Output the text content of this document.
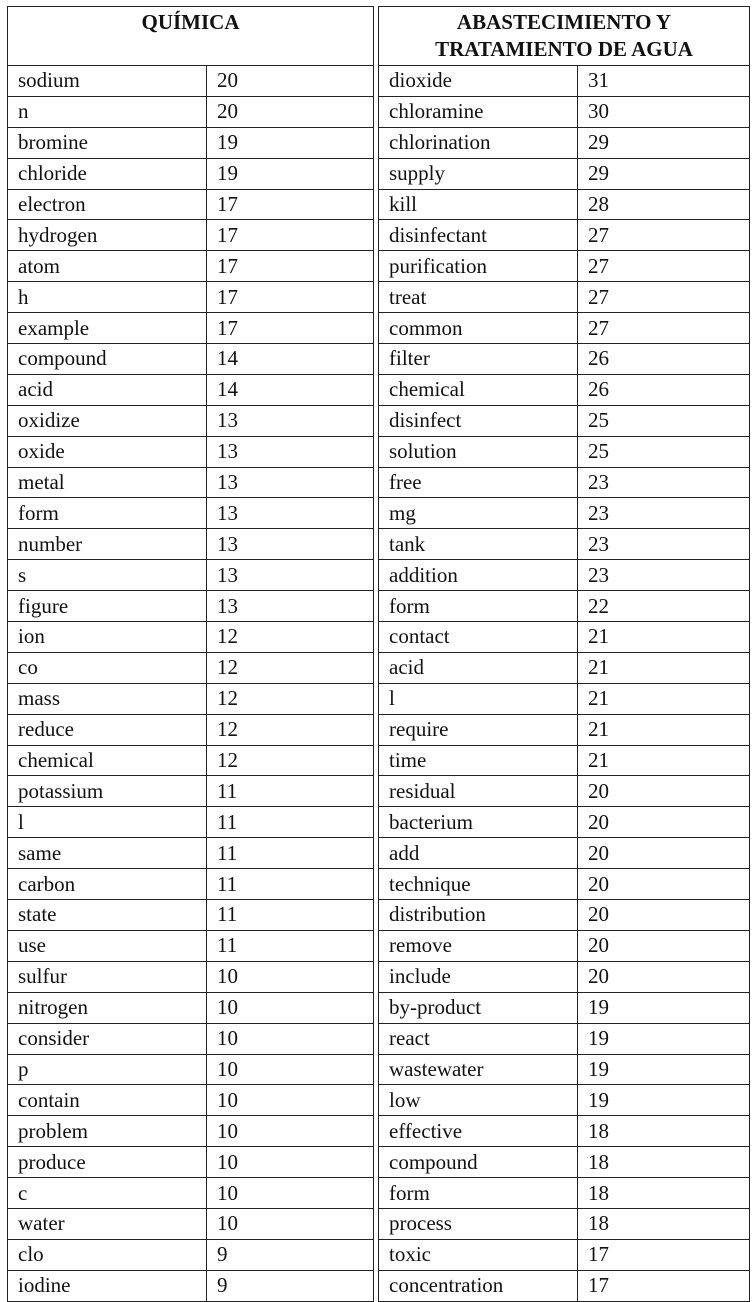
QUÍMICA
sodium	20
n	20
bromine	19
chloride	19
electron	17
hydrogen	17
atom	17
h	17
example	17
compound	14
acid	14
oxidize	13
oxide	13
metal	13
form	13
number	13
s	13
figure	13
ion	12
co	12
mass	12
reduce	12
chemical	12
potassium	11
l	11
same	11
carbon	11
state	11
use	11
sulfur	10
nitrogen	10
consider	10
p	10
contain	10
problem	10
produce	10
c	10
water	10
clo	9
iodine	9
ABASTECIMIENTO Y
TRATAMIENTO DE AGUA
dioxide	31
chloramine	30
chlorination	29
supply	29
kill	28
disinfectant	27
purification	27
treat	27
common	27
filter	26
chemical	26
disinfect	25
solution	25
free	23
mg	23
tank	23
addition	23
form	22
contact	21
acid	21
l	21
require	21
time	21
residual	20
bacterium	20
add	20
technique	20
distribution	20
remove	20
include	20
by-product	19
react	19
wastewater	19
low	19
effective	18
compound	18
form	18
process	18
toxic	17
concentration	17
